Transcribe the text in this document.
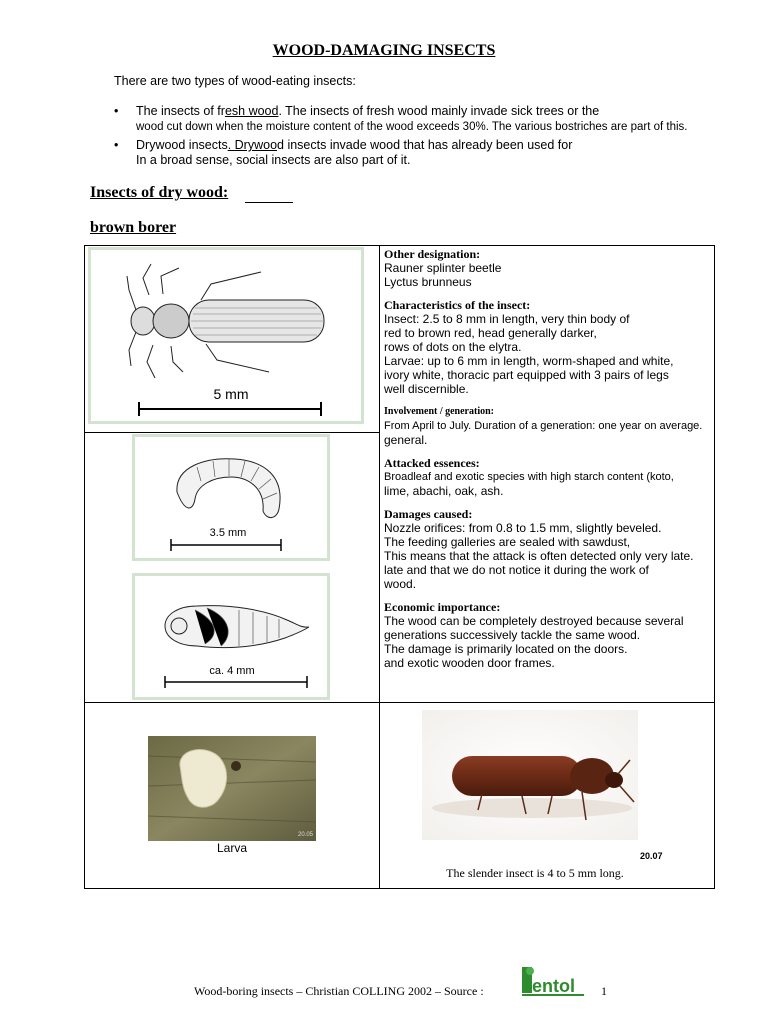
WOOD-DAMAGING INSECTS
There are two types of wood-eating insects:
• The insects of fresh wood. The insects of fresh wood mainly invade sick trees or the
wood cut down when the moisture content of the wood exceeds 30%. The various bostriches are part of this.
• Drywood insects. Drywood insects invade wood that has already been used for
In a broad sense, social insects are also part of it.
Insects of dry wood:
brown borer
5 mm
3.5 mm
ca. 4 mm

Other designation:

Rauner splinter beetle

Lyctus brunneus

Characteristics of the insect:

Insect: 2.5 to 8 mm in length, very thin body of

red to brown red, head generally darker,

rows of dots on the elytra.

Larvae: up to 6 mm in length, worm-shaped and white,

ivory white, thoracic part equipped with 3 pairs of legs

well discernible.

Involvement / generation:

From April to July. Duration of a generation: one year on average.

general.

Attacked essences:

Broadleaf and exotic species with high starch content (koto,

lime, abachi, oak, ash.

Damages caused:

Nozzle orifices: from 0.8 to 1.5 mm, slightly beveled.

The feeding galleries are sealed with sawdust,

This means that the attack is often detected only very late.

late and that we do not notice it during the work of

wood.

Economic importance:

The wood can be completely destroyed because several

generations successively tackle the same wood.

The damage is primarily located on the doors.

and exotic wooden door frames.

20.05
Larva
20.07
The slender insect is 4 to 5 mm long.
Wood-boring insects – Christian COLLING 2002 – Source :	entol 1
